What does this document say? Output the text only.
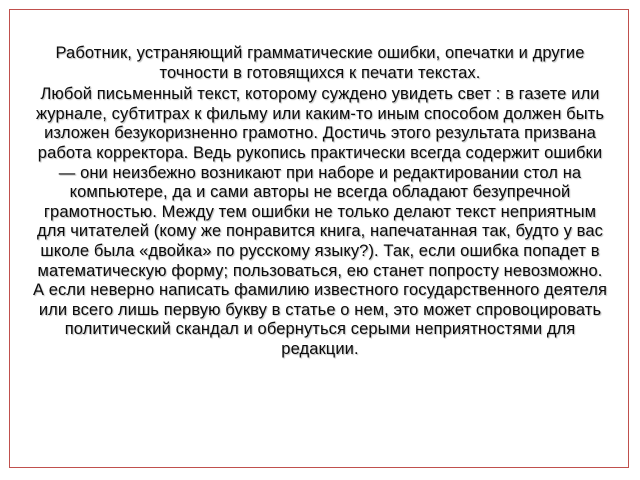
Работник, устраняющий грамматические ошибки, опечатки и другие точности в готовящихся к печати текстах.

Любой письменный текст, которому суждено увидеть свет : в газете или журнале, субтитрах к фильму или каким-то иным способом должен быть изложен безукоризненно грамотно. Достичь этого результата призвана работа корректора. Ведь рукопись практически всегда содержит ошибки — они неизбежно возникают при наборе и редактировании стол на компьютере, да и сами авторы не всегда обладают безупречной грамотностью. Между тем ошибки не только делают текст неприятным для читателей (кому же понравится книга, напечатанная так, будто у вас школе была «двойка» по русскому языку?). Так, если ошибка попадет в математическую форму; пользоваться, ею станет попросту невозможно. А если неверно написать фамилию известного государственного деятеля или всего лишь первую букву в статье о нем, это может спровоцировать политический скандал и обернуться серыми неприятностями для редакции.
